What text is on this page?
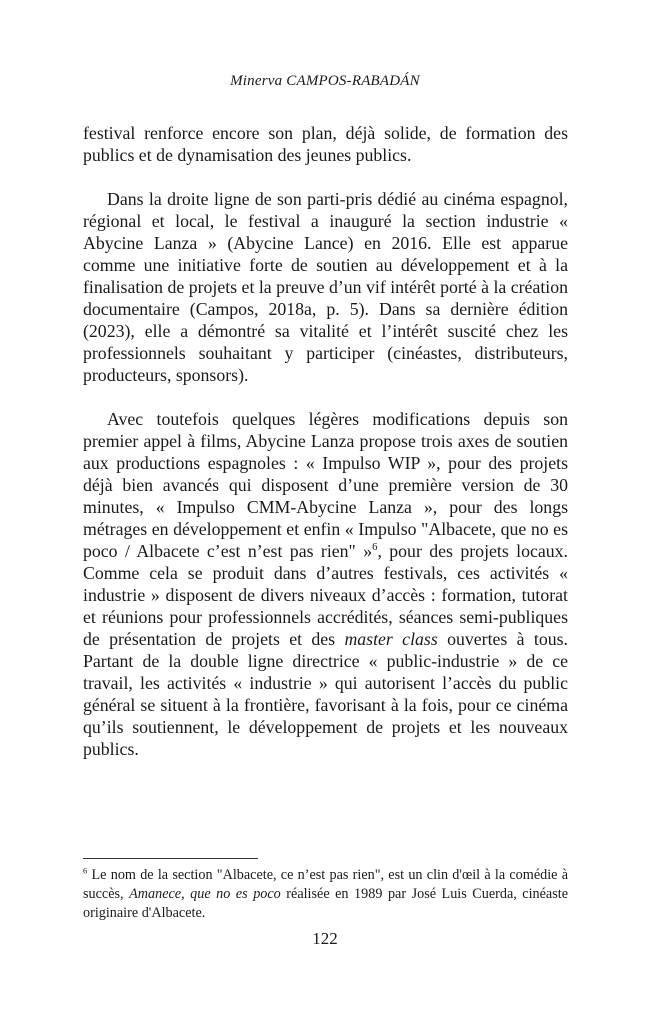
Minerva CAMPOS-RABADÁN

festival renforce encore son plan, déjà solide, de formation des publics et de dynamisation des jeunes publics.

Dans la droite ligne de son parti-pris dédié au cinéma espagnol, régional et local, le festival a inauguré la section industrie « Abycine Lanza » (Abycine Lance) en 2016. Elle est apparue comme une initiative forte de soutien au développement et à la finalisation de projets et la preuve d’un vif intérêt porté à la création documentaire (Campos, 2018a, p. 5). Dans sa dernière édition (2023), elle a démontré sa vitalité et l’intérêt suscité chez les professionnels souhaitant y participer (cinéastes, distributeurs, producteurs, sponsors).

Avec toutefois quelques légères modifications depuis son premier appel à films, Abycine Lanza propose trois axes de soutien aux productions espagnoles : « Impulso WIP », pour des projets déjà bien avancés qui disposent d’une première version de 30 minutes, « Impulso CMM-Abycine Lanza », pour des longs métrages en développement et enfin « Impulso "Albacete, que no es poco / Albacete c’est n’est pas rien" »$^6$, pour des projets locaux. Comme cela se produit dans d’autres festivals, ces activités « industrie » disposent de divers niveaux d’accès : formation, tutorat et réunions pour professionnels accrédités, séances semi-publiques de présentation de projets et des master class ouvertes à tous. Partant de la double ligne directrice « public-industrie » de ce travail, les activités « industrie » qui autorisent l’accès du public général se situent à la frontière, favorisant à la fois, pour ce cinéma qu’ils soutiennent, le développement de projets et les nouveaux publics.

$^6$ Le nom de la section "Albacete, ce n’est pas rien", est un clin d'œil à la comédie à succès, Amanece, que no es poco réalisée en 1989 par José Luis Cuerda, cinéaste originaire d'Albacete.

122
